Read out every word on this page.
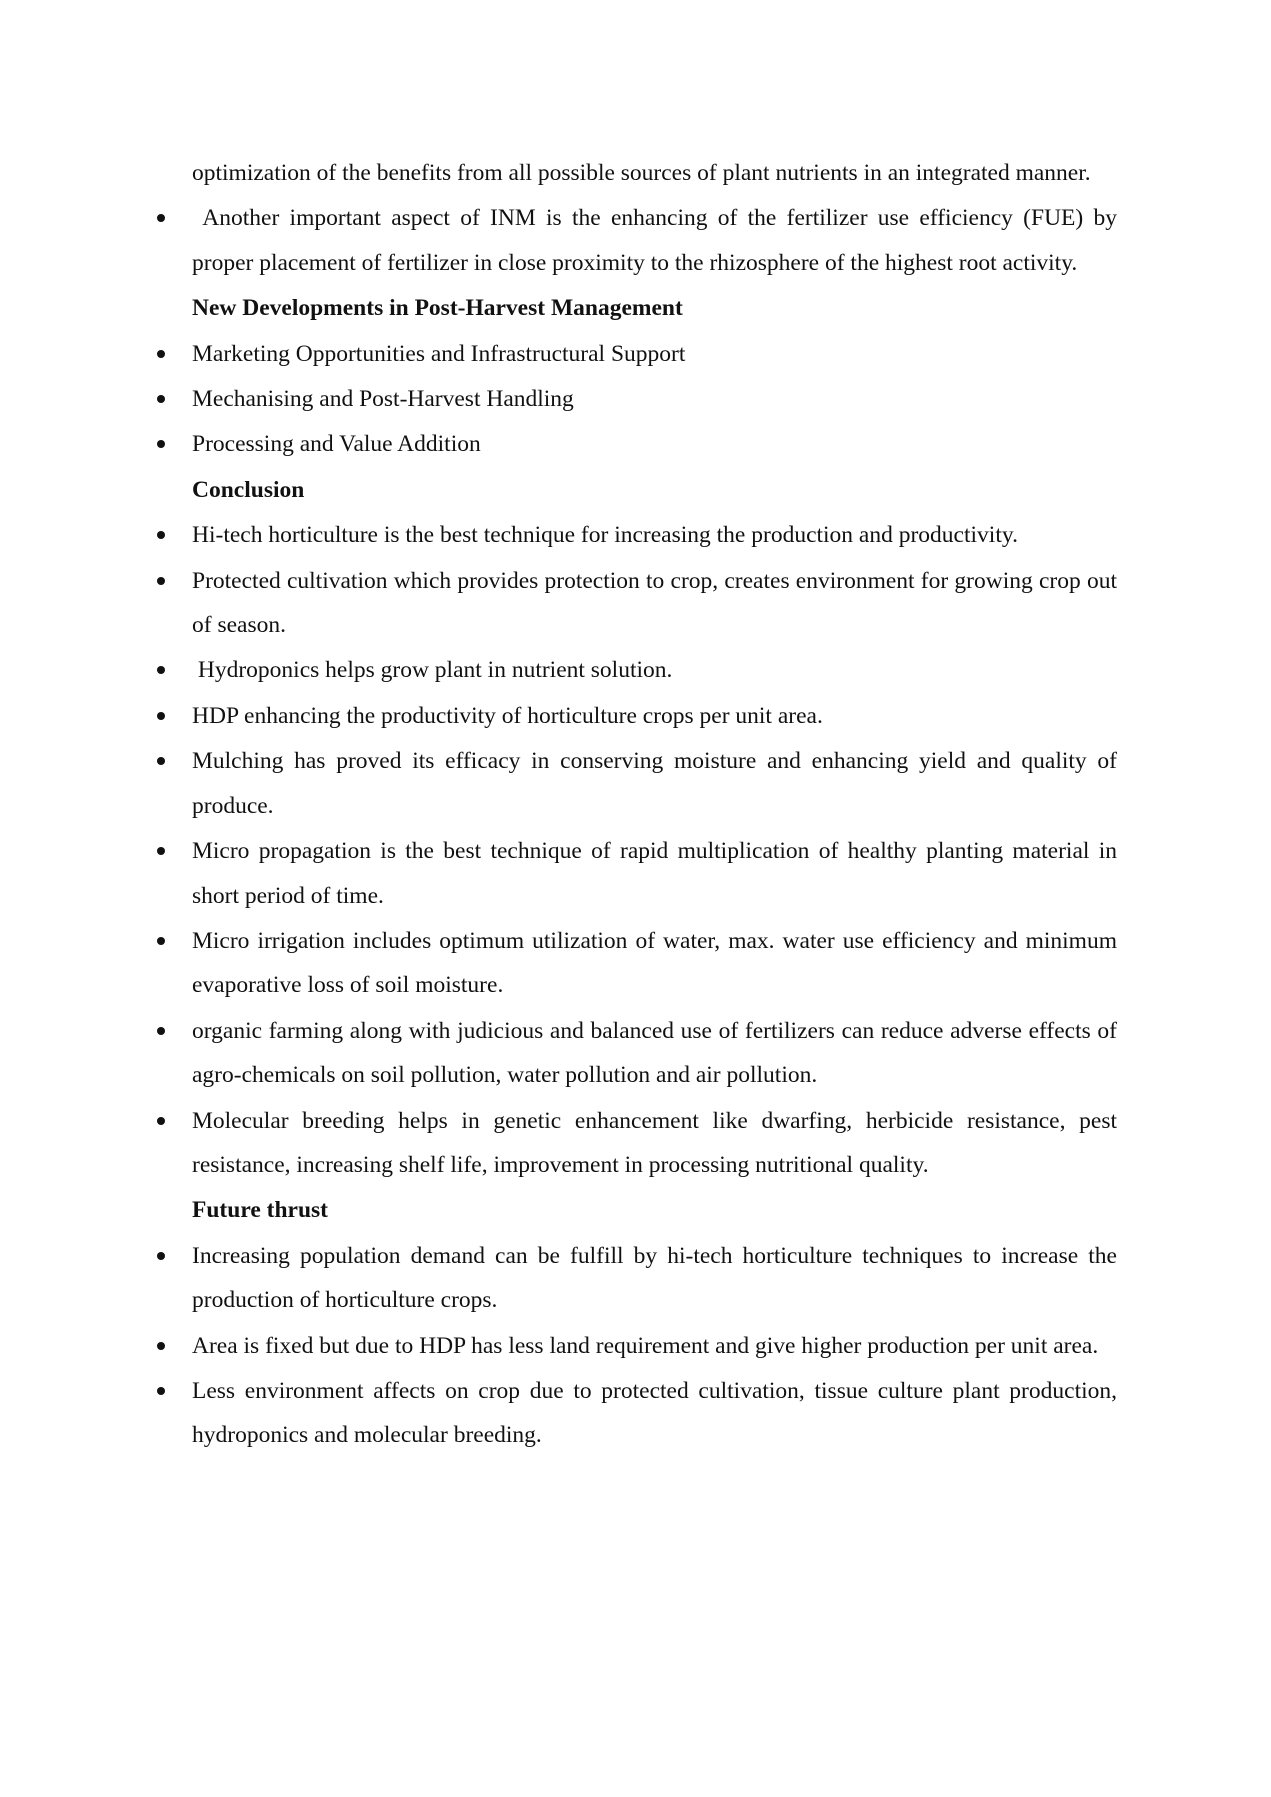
optimization of the benefits from all possible sources of plant nutrients in an integrated manner.

Another important aspect of INM is the enhancing of the fertilizer use efficiency (FUE) by proper placement of fertilizer in close proximity to the rhizosphere of the highest root activity.

New Developments in Post-Harvest Management

Marketing Opportunities and Infrastructural Support
Mechanising and Post-Harvest Handling
Processing and Value Addition

Conclusion

Hi-tech horticulture is the best technique for increasing the production and productivity.
Protected cultivation which provides protection to crop, creates environment for growing crop out of season.
Hydroponics helps grow plant in nutrient solution.
HDP enhancing the productivity of horticulture crops per unit area.
Mulching has proved its efficacy in conserving moisture and enhancing yield and quality of produce.
Micro propagation is the best technique of rapid multiplication of healthy planting material in short period of time.
Micro irrigation includes optimum utilization of water, max. water use efficiency and minimum evaporative loss of soil moisture.
organic farming along with judicious and balanced use of fertilizers can reduce adverse effects of agro-chemicals on soil pollution, water pollution and air pollution.
Molecular breeding helps in genetic enhancement like dwarfing, herbicide resistance, pest resistance, increasing shelf life, improvement in processing nutritional quality.

Future thrust

Increasing population demand can be fulfill by hi-tech horticulture techniques to increase the production of horticulture crops.
Area is fixed but due to HDP has less land requirement and give higher production per unit area.
Less environment affects on crop due to protected cultivation, tissue culture plant production, hydroponics and molecular breeding.
